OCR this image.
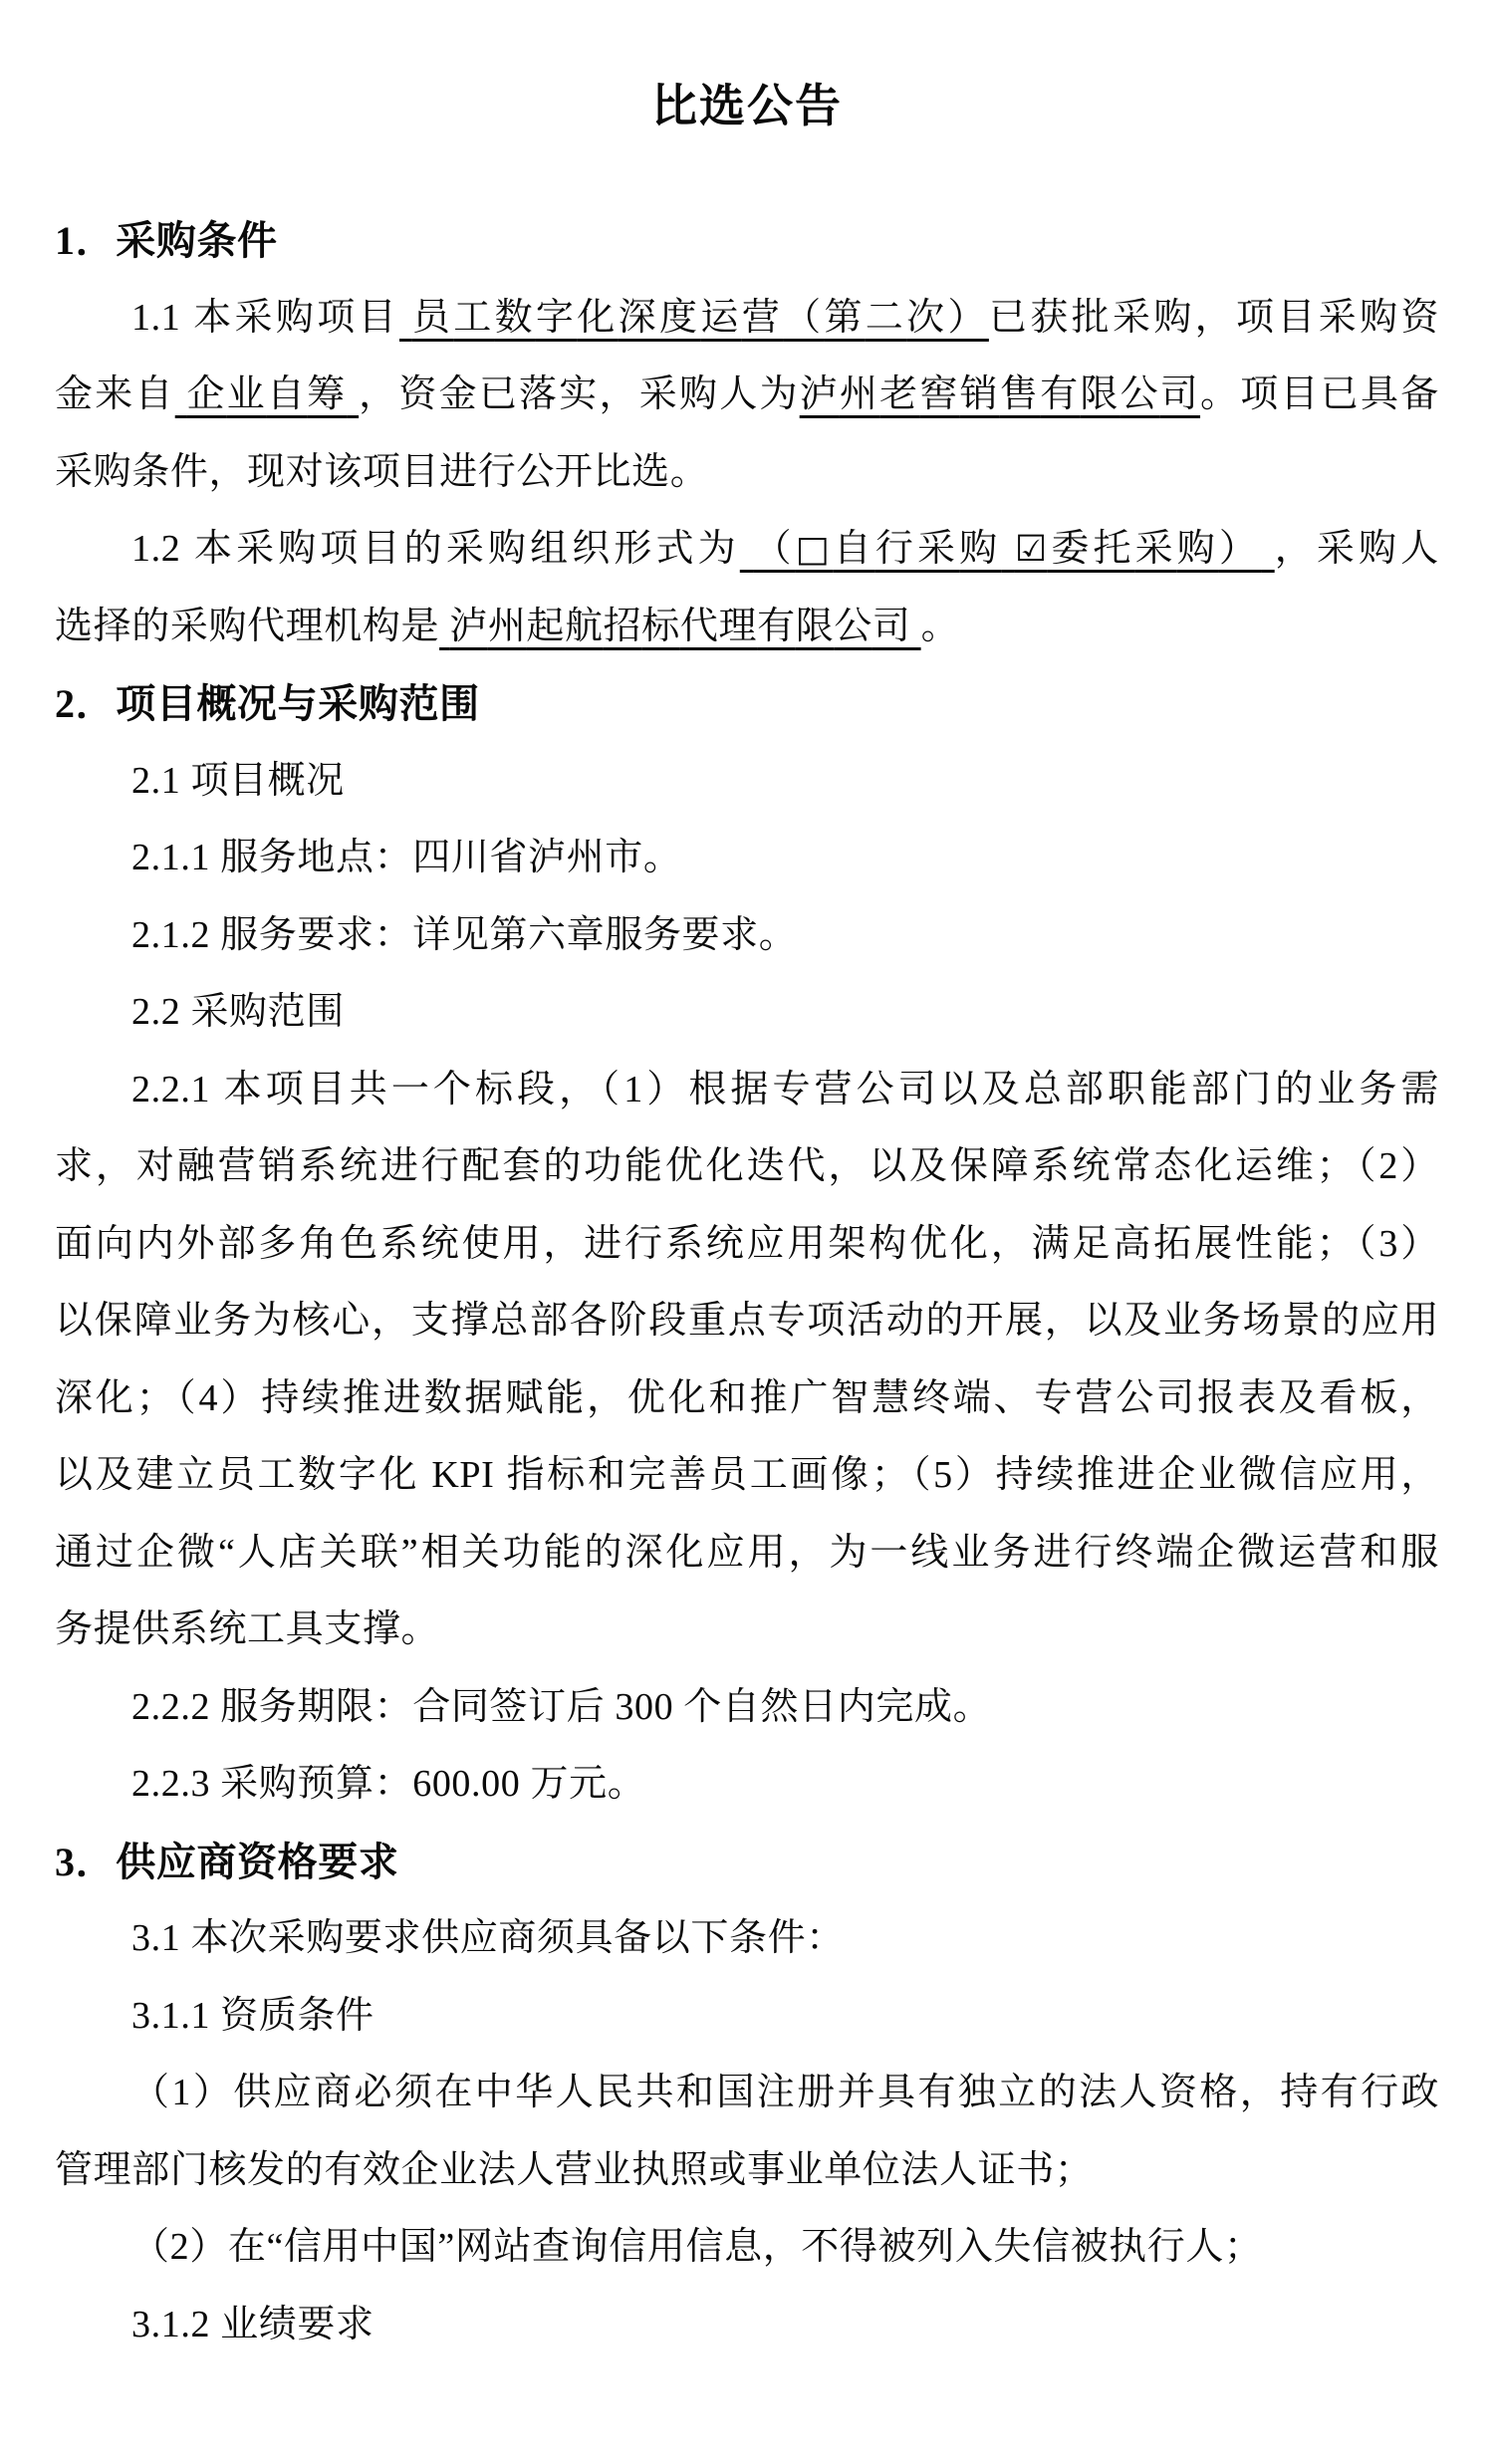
比选公告
1．采购条件
1.1 本采购项目 员工数字化深度运营（第二次）已获批采购，项目采购资
金来自 企业自筹 ，资金已落实，采购人为泸州老窖销售有限公司。项目已具备
采购条件，现对该项目进行公开比选。
1.2 本采购项目的采购组织形式为 （□自行采购 ☑委托采购） ，采购人
选择的采购代理机构是 泸州起航招标代理有限公司 。
2．项目概况与采购范围
2.1 项目概况
2.1.1 服务地点：四川省泸州市。
2.1.2 服务要求：详见第六章服务要求。
2.2 采购范围
2.2.1 本项目共一个标段，（1）根据专营公司以及总部职能部门的业务需
求，对融营销系统进行配套的功能优化迭代，以及保障系统常态化运维；（2）
面向内外部多角色系统使用，进行系统应用架构优化，满足高拓展性能；（3）
以保障业务为核心，支撑总部各阶段重点专项活动的开展，以及业务场景的应用
深化；（4）持续推进数据赋能，优化和推广智慧终端、专营公司报表及看板，
以及建立员工数字化 KPI 指标和完善员工画像；（5）持续推进企业微信应用，
通过企微“人店关联”相关功能的深化应用，为一线业务进行终端企微运营和服
务提供系统工具支撑。
2.2.2 服务期限：合同签订后 300 个自然日内完成。
2.2.3 采购预算：600.00 万元。
3．供应商资格要求
3.1 本次采购要求供应商须具备以下条件：
3.1.1 资质条件
（1）供应商必须在中华人民共和国注册并具有独立的法人资格，持有行政
管理部门核发的有效企业法人营业执照或事业单位法人证书；
（2）在“信用中国”网站查询信用信息，不得被列入失信被执行人；
3.1.2 业绩要求
